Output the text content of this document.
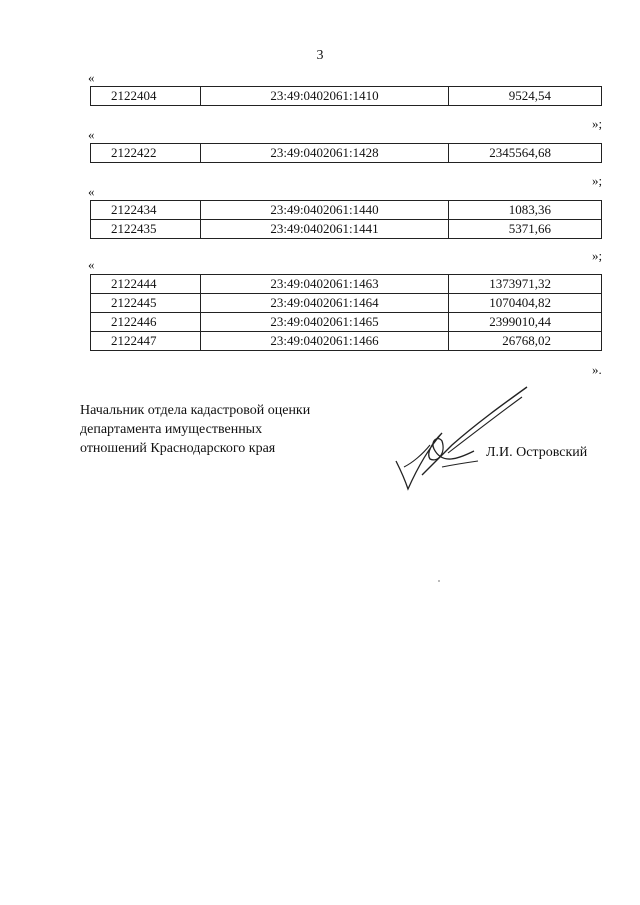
3
«
2122404	23:49:0402061:1410	9524,54
»;
«
2122422	23:49:0402061:1428	2345564,68
»;
«
2122434	23:49:0402061:1440	1083,36
2122435	23:49:0402061:1441	5371,66
»;
«
2122444	23:49:0402061:1463	1373971,32
2122445	23:49:0402061:1464	1070404,82
2122446	23:49:0402061:1465	2399010,44
2122447	23:49:0402061:1466	26768,02
».
Начальник отдела кадастровой оценки
департамента имущественных
отношений Краснодарского края	Л.И. Островский
